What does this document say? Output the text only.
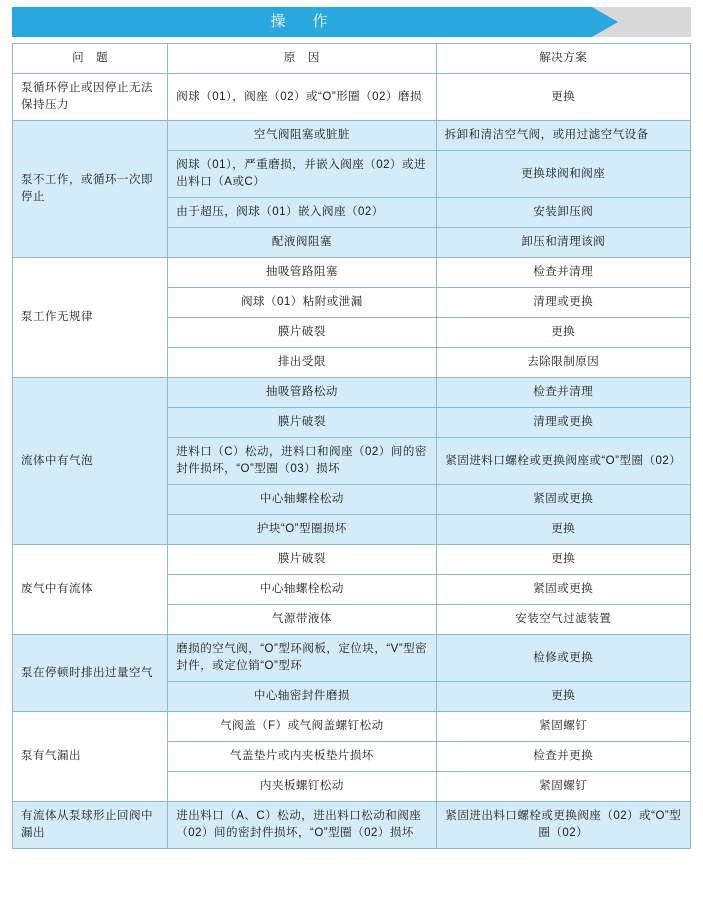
操　作
问　题	原　因	解决方案
泵循环停止或因停止无法保持压力	阀球（01），阀座（02）或“O”形圈（02）磨损	更换
泵不工作，或循环一次即停止	空气阀阻塞或脏脏	拆卸和清洁空气阀，或用过滤空气设备
	阀球（01），严重磨损，并嵌入阀座（02）或进出料口（A或C）	更换球阀和阀座
	由于超压，阀球（01）嵌入阀座（02）	安装卸压阀
	配液阀阻塞	卸压和清理该阀
泵工作无规律	抽吸管路阻塞	检查并清理
	阀球（01）粘附或泄漏	清理或更换
	膜片破裂	更换
	排出受限	去除限制原因
流体中有气泡	抽吸管路松动	检查并清理
	膜片破裂	清理或更换
	进料口（C）松动，进料口和阀座（02）间的密封件损坏，“O”型圈（03）损坏	紧固进料口螺栓或更换阀座或“O”型圈（02）
	中心轴螺栓松动	紧固或更换
	护块“O”型圈损坏	更换
废气中有流体	膜片破裂	更换
	中心轴螺栓松动	紧固或更换
	气源带液体	安装空气过滤装置
泵在停顿时排出过量空气	磨损的空气阀，“O”型环阀板，定位块，“V”型密封件，或定位销“O”型环	检修或更换
	中心轴密封件磨损	更换
泵有气漏出	气阀盖（F）或气阀盖螺钉松动	紧固螺钉
	气盖垫片或内夹板垫片损坏	检查并更换
	内夹板螺钉松动	紧固螺钉
有流体从泵球形止回阀中漏出	进出料口（A、C）松动，进出料口松动和阀座（02）间的密封件损坏，“O”型圈（02）损坏	紧固进出料口螺栓或更换阀座（02）或“O”型圈（02）
